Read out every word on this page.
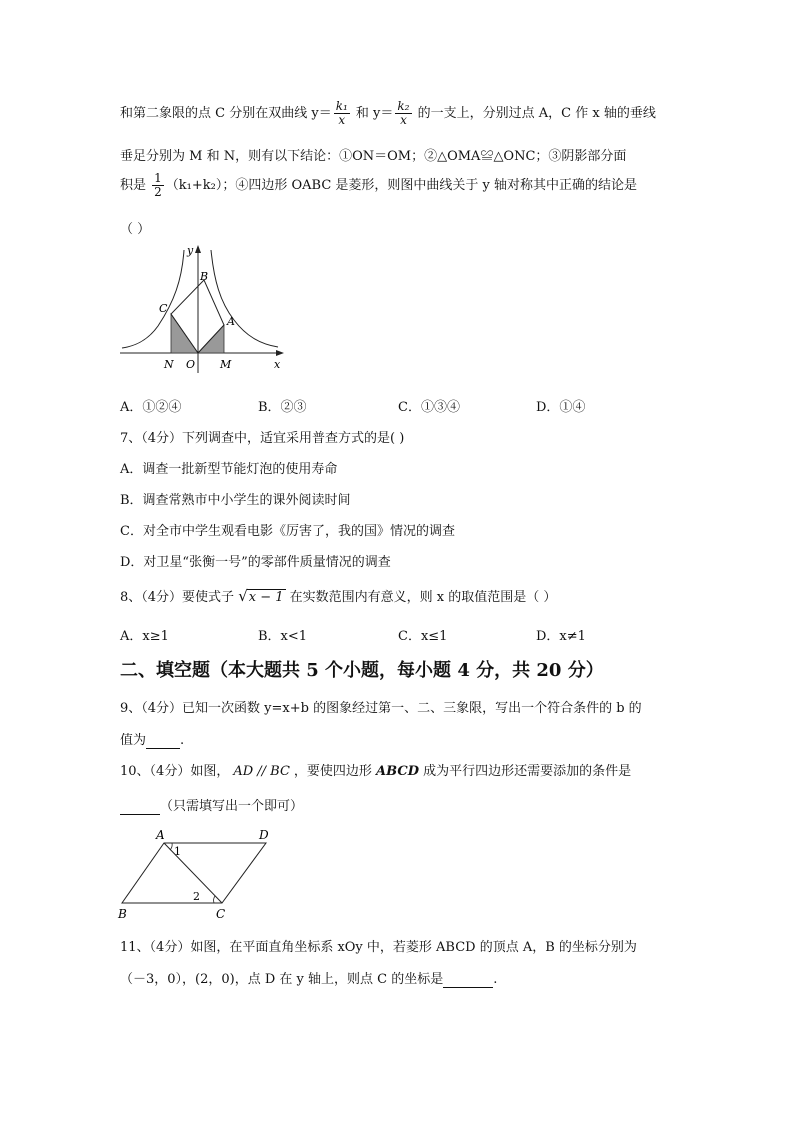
和第二象限的点 C 分别在双曲线 $y= \frac{\text{k₁}}{x}$ 和 $y= \frac{\text{k₂}}{x}$ 的一支上，分别过点 A，C 作 x 轴的垂线
垂足分别为 M 和 N，则有以下结论：①ON＝OM；②△OMA≌△ONC；③阴影部分面
积是 $\frac{1}{2} (k_1+k_2)$；④四边形 OABC 是菱形，则图中曲线关于 y 轴对称其中正确的结论是
（ ）
y
B
C
A
N O M	x
A．①②④	B．②③	C．①③④	D．①④
7、（4分）下列调查中，适宜采用普查方式的是( )
A．调查一批新型节能灯泡的使用寿命
B．调查常熟市中小学生的课外阅读时间
C．对全市中学生观看电影《厉害了，我的国》情况的调查
D．对卫星“张衡一号”的零部件质量情况的调查
8、（4分）要使式子 √x − 1 在实数范围内有意义，则 x 的取值范围是（ ）
A．x≥1	B．x<1	C．x≤1	D．x≠1
二、填空题（本大题共 5 个小题，每小题 4 分，共 20 分）
9、（4分）已知一次函数 y=x+b 的图象经过第一、二、三象限，写出一个符合条件的 b 的
值为	.
10、（4分）如图， AD // BC ，要使四边形 ABCD 成为平行四边形还需要添加的条件是
（只需填写出一个即可）
A	D
B	C
1
2
11、（4分）如图，在平面直角坐标系 xOy 中，若菱形 ABCD 的顶点 A，B 的坐标分别为
（－3，0），(2，0)，点 D 在 y 轴上，则点 C 的坐标是	.
